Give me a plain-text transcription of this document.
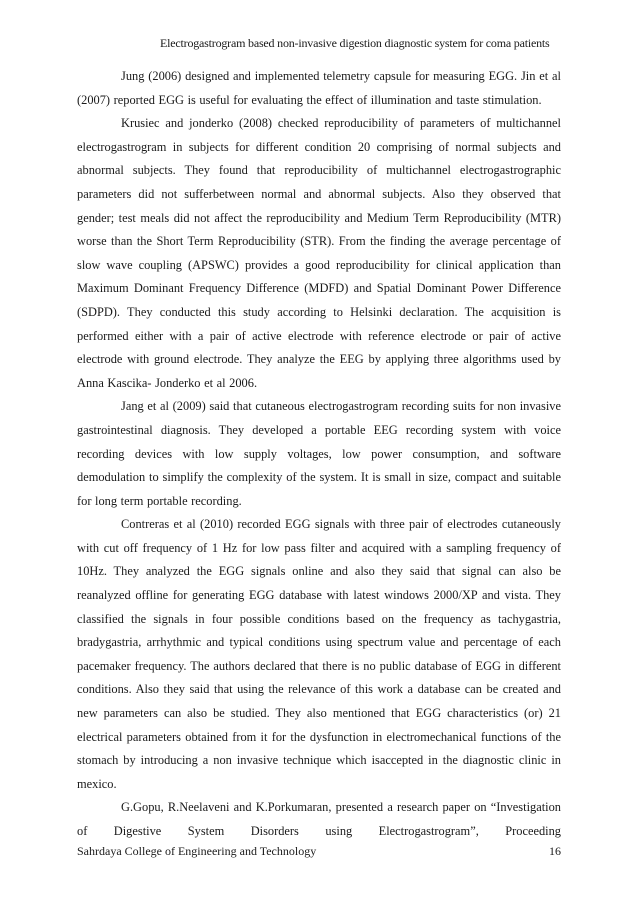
Electrogastrogram based non-invasive digestion diagnostic system for coma patients

Jung (2006) designed and implemented telemetry capsule for measuring EGG. Jin et al (2007) reported EGG is useful for evaluating the effect of illumination and taste stimulation.

Krusiec and jonderko (2008) checked reproducibility of parameters of multichannel electrogastrogram in subjects for different condition 20 comprising of normal subjects and abnormal subjects. They found that reproducibility of multichannel electrogastrographic parameters did not sufferbetween normal and abnormal subjects. Also they observed that gender; test meals did not affect the reproducibility and Medium Term Reproducibility (MTR) worse than the Short Term Reproducibility (STR). From the finding the average percentage of slow wave coupling (APSWC) provides a good reproducibility for clinical application than Maximum Dominant Frequency Difference (MDFD) and Spatial Dominant Power Difference (SDPD). They conducted this study according to Helsinki declaration. The acquisition is performed either with a pair of active electrode with reference electrode or pair of active electrode with ground electrode. They analyze the EEG by applying three algorithms used by Anna Kascika- Jonderko et al 2006.

Jang et al (2009) said that cutaneous electrogastrogram recording suits for non invasive gastrointestinal diagnosis. They developed a portable EEG recording system with voice recording devices with low supply voltages, low power consumption, and software demodulation to simplify the complexity of the system. It is small in size, compact and suitable for long term portable recording.

Contreras et al (2010) recorded EGG signals with three pair of electrodes cutaneously with cut off frequency of 1 Hz for low pass filter and acquired with a sampling frequency of 10Hz. They analyzed the EGG signals online and also they said that signal can also be reanalyzed offline for generating EGG database with latest windows 2000/XP and vista. They classified the signals in four possible conditions based on the frequency as tachygastria, bradygastria, arrhythmic and typical conditions using spectrum value and percentage of each pacemaker frequency. The authors declared that there is no public database of EGG in different conditions. Also they said that using the relevance of this work a database can be created and new parameters can also be studied. They also mentioned that EGG characteristics (or) 21 electrical parameters obtained from it for the dysfunction in electromechanical functions of the stomach by introducing a non invasive technique which isaccepted in the diagnostic clinic in mexico.

G.Gopu, R.Neelaveni and K.Porkumaran, presented a research paper on “Investigation of Digestive System Disorders using Electrogastrogram”, Proceeding

Sahrdaya College of Engineering and Technology	16
